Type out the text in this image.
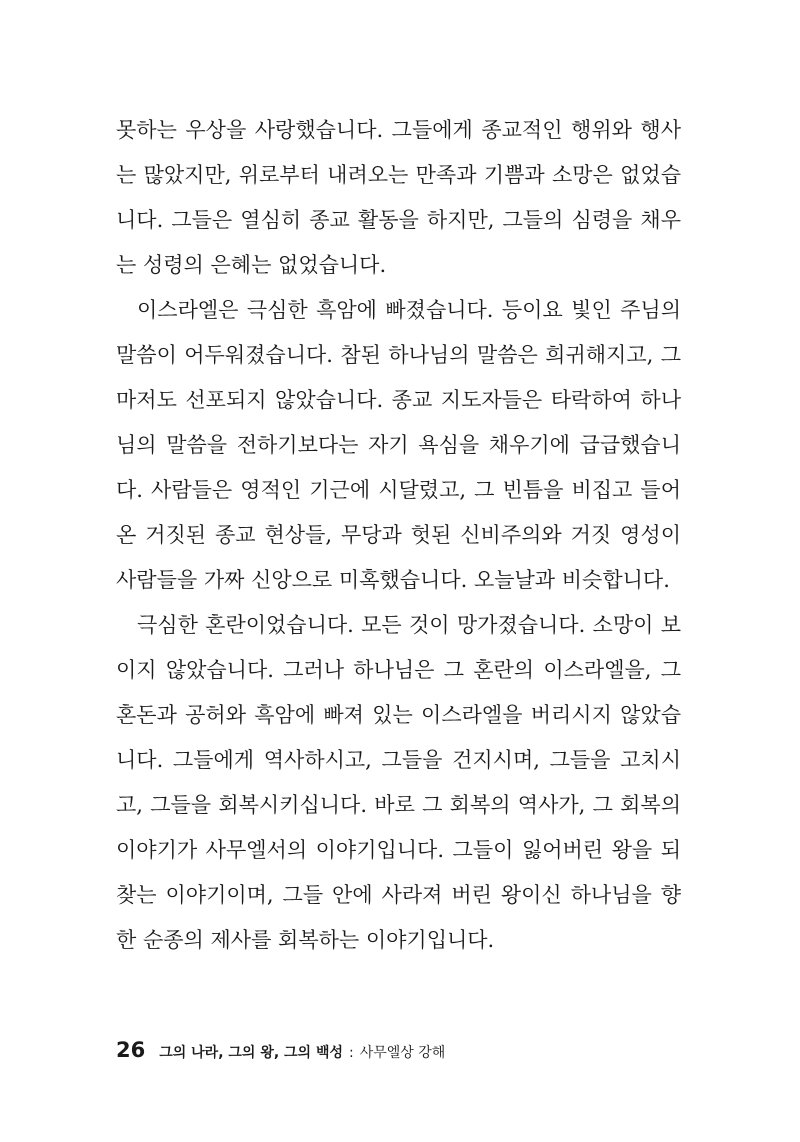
못하는 우상을 사랑했습니다. 그들에게 종교적인 행위와 행사는 많았지만, 위로부터 내려오는 만족과 기쁨과 소망은 없었습니다. 그들은 열심히 종교 활동을 하지만, 그들의 심령을 채우는 성령의 은혜는 없었습니다.

이스라엘은 극심한 흑암에 빠졌습니다. 등이요 빛인 주님의 말씀이 어두워졌습니다. 참된 하나님의 말씀은 희귀해지고, 그마저도 선포되지 않았습니다. 종교 지도자들은 타락하여 하나님의 말씀을 전하기보다는 자기 욕심을 채우기에 급급했습니다. 사람들은 영적인 기근에 시달렸고, 그 빈틈을 비집고 들어온 거짓된 종교 현상들, 무당과 헛된 신비주의와 거짓 영성이 사람들을 가짜 신앙으로 미혹했습니다. 오늘날과 비슷합니다.

극심한 혼란이었습니다. 모든 것이 망가졌습니다. 소망이 보이지 않았습니다. 그러나 하나님은 그 혼란의 이스라엘을, 그 혼돈과 공허와 흑암에 빠져 있는 이스라엘을 버리시지 않았습니다. 그들에게 역사하시고, 그들을 건지시며, 그들을 고치시고, 그들을 회복시키십니다. 바로 그 회복의 역사가, 그 회복의 이야기가 사무엘서의 이야기입니다. 그들이 잃어버린 왕을 되찾는 이야기이며, 그들 안에 사라져 버린 왕이신 하나님을 향한 순종의 제사를 회복하는 이야기입니다.

26 그의 나라, 그의 왕, 그의 백성 : 사무엘상 강해
